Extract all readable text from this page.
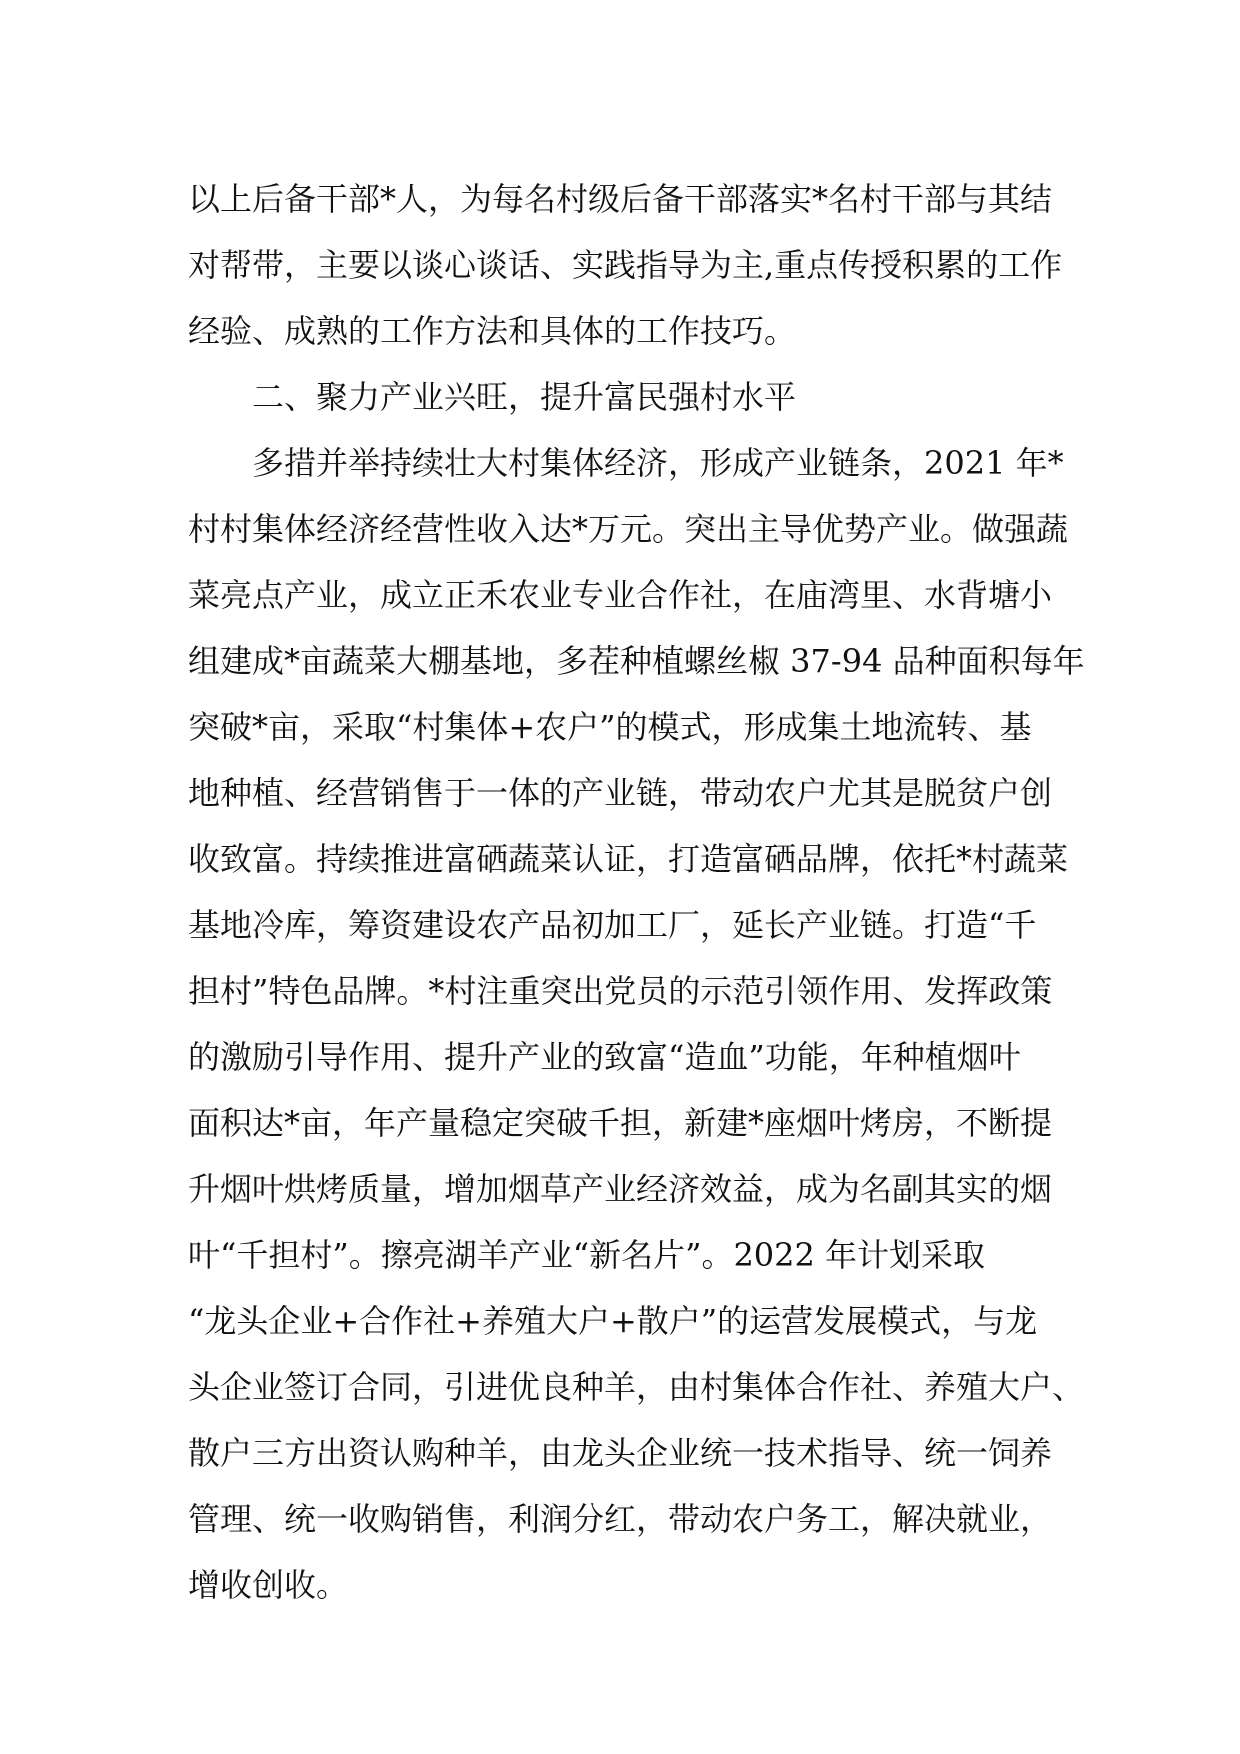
以上后备干部*人，为每名村级后备干部落实*名村干部与其结
对帮带，主要以谈心谈话、实践指导为主,重点传授积累的工作
经验、成熟的工作方法和具体的工作技巧。
二、聚力产业兴旺，提升富民强村水平
多措并举持续壮大村集体经济，形成产业链条，2021 年*
村村集体经济经营性收入达*万元。突出主导优势产业。做强蔬
菜亮点产业，成立正禾农业专业合作社，在庙湾里、水背塘小
组建成*亩蔬菜大棚基地，多茬种植螺丝椒 37-94 品种面积每年
突破*亩，采取“村集体+农户”的模式，形成集土地流转、基
地种植、经营销售于一体的产业链，带动农户尤其是脱贫户创
收致富。持续推进富硒蔬菜认证，打造富硒品牌，依托*村蔬菜
基地冷库，筹资建设农产品初加工厂，延长产业链。打造“千
担村”特色品牌。*村注重突出党员的示范引领作用、发挥政策
的激励引导作用、提升产业的致富“造血”功能，年种植烟叶
面积达*亩，年产量稳定突破千担，新建*座烟叶烤房，不断提
升烟叶烘烤质量，增加烟草产业经济效益，成为名副其实的烟
叶“千担村”。擦亮湖羊产业“新名片”。2022 年计划采取
“龙头企业+合作社+养殖大户+散户”的运营发展模式，与龙
头企业签订合同，引进优良种羊，由村集体合作社、养殖大户、
散户三方出资认购种羊，由龙头企业统一技术指导、统一饲养
管理、统一收购销售，利润分红，带动农户务工，解决就业，
增收创收。
